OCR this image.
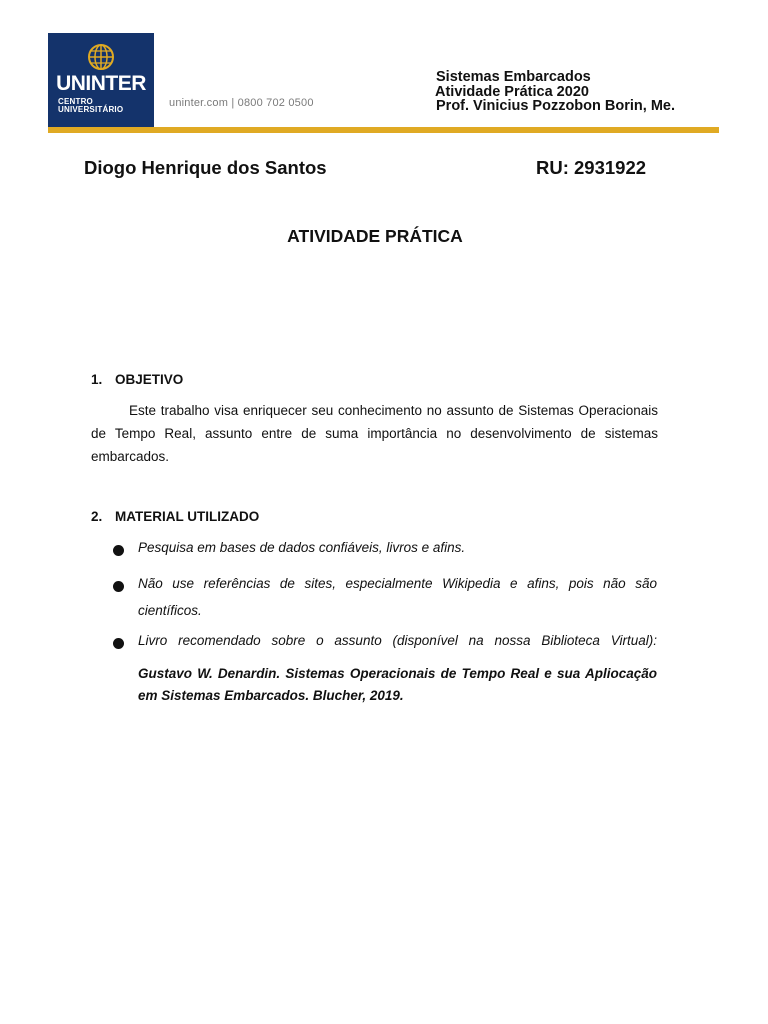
UNINTER
CENTRO
UNIVERSITÁRIO
uninter.com | 0800 702 0500
Sistemas Embarcados
Atividade Prática 2020
Prof. Vinicius Pozzobon Borin, Me.
Diogo Henrique dos Santos	RU: 2931922
ATIVIDADE PRÁTICA
1. OBJETIVO
Este trabalho visa enriquecer seu conhecimento no assunto de Sistemas Operacionais de Tempo Real, assunto entre de suma importância no desenvolvimento de sistemas embarcados.
2. MATERIAL UTILIZADO
Pesquisa em bases de dados confiáveis, livros e afins.
Não use referências de sites, especialmente Wikipedia e afins, pois não são científicos.
Livro recomendado sobre o assunto (disponível na nossa Biblioteca Virtual):
Gustavo W. Denardin. Sistemas Operacionais de Tempo Real e sua Apliocação em Sistemas Embarcados. Blucher, 2019.
